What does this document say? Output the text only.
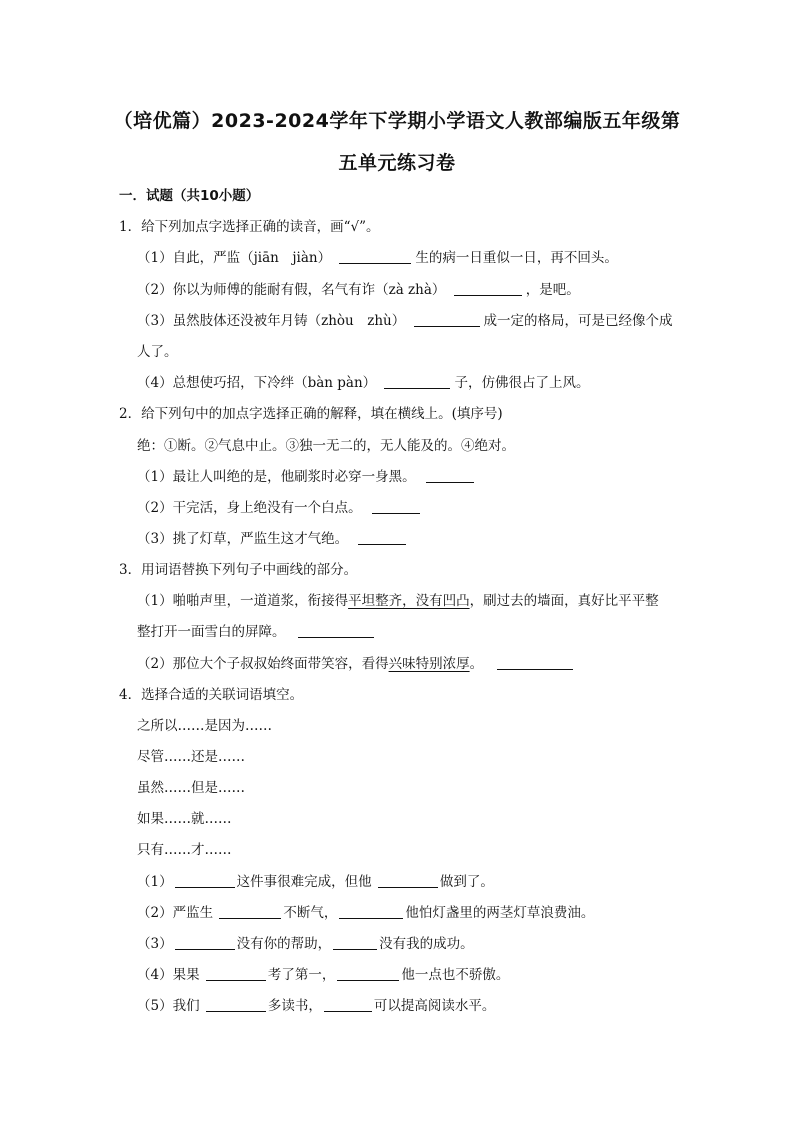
（培优篇）2023-2024学年下学期小学语文人教部编版五年级第
五单元练习卷
一．试题（共10小题）
1．给下列加点字选择正确的读音，画“√”。
（1）自此，严监（jiān　jiàn）	生的病一日重似一日，再不回头。
（2）你以为师傅的能耐有假，名气有诈（zà zhà）	，是吧。
（3）虽然肢体还没被年月铸（zhòu　zhù）	成一定的格局，可是已经像个成
人了。
（4）总想使巧招，下冷绊（bàn pàn）	子，仿佛很占了上风。
2．给下列句中的加点字选择正确的解释，填在横线上。(填序号)
绝：①断。②气息中止。③独一无二的，无人能及的。④绝对。
（1）最让人叫绝的是，他刷浆时必穿一身黑。
（2）干完活，身上绝没有一个白点。
（3）挑了灯草，严监生这才气绝。
3．用词语替换下列句子中画线的部分。
（1）啪啪声里，一道道浆，衔接得平坦整齐，没有凹凸，刷过去的墙面，真好比平平整
整打开一面雪白的屏障。
（2）那位大个子叔叔始终面带笑容，看得兴味特别浓厚。
4．选择合适的关联词语填空。
之所以……是因为……
尽管……还是……
虽然……但是……
如果……就……
只有……才……
（1）	这件事很难完成，但他	做到了。
（2）严监生	不断气，	他怕灯盏里的两茎灯草浪费油。
（3）	没有你的帮助，	没有我的成功。
（4）果果	考了第一，	他一点也不骄傲。
（5）我们	多读书，	可以提高阅读水平。
